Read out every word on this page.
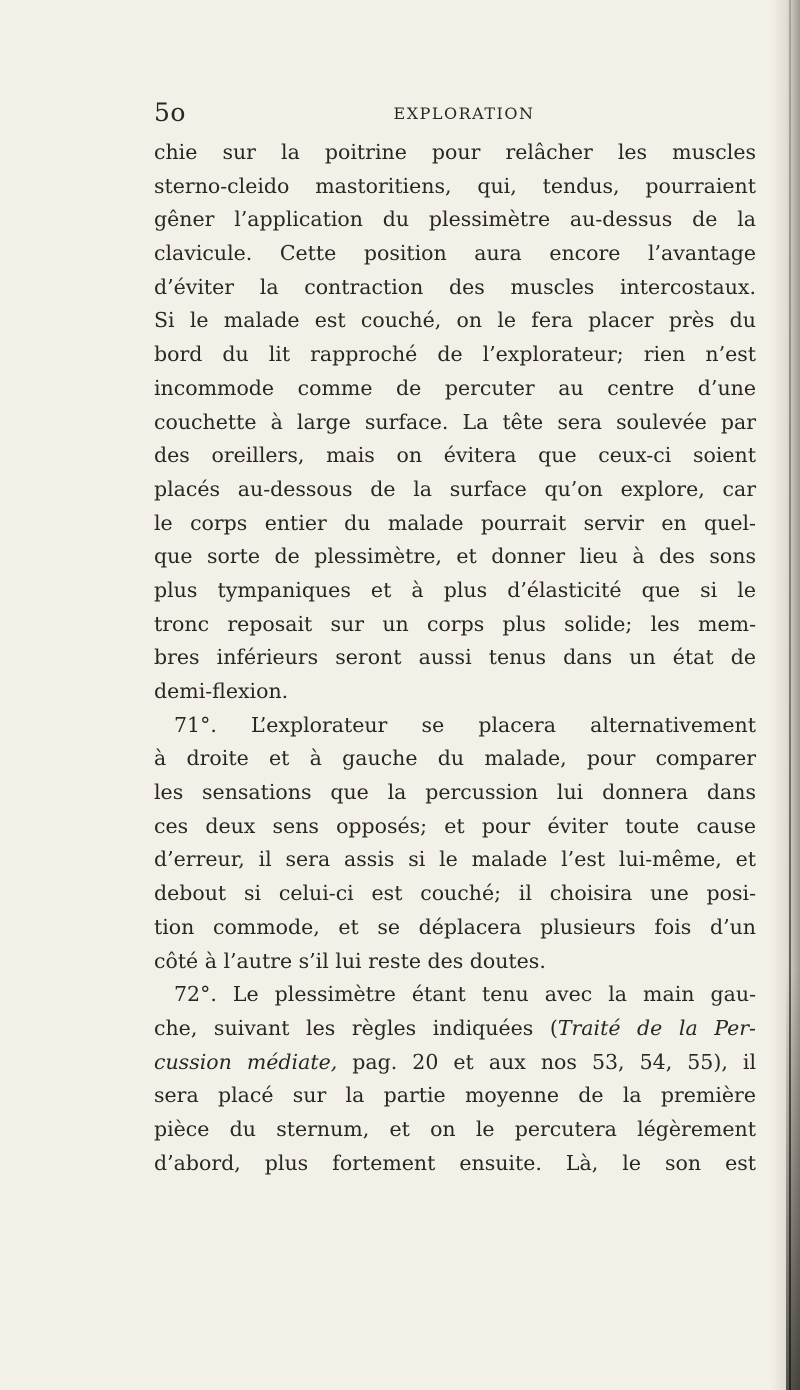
5o	EXPLORATION
chie sur la poitrine pour relâcher les muscles
sterno-cleido mastoritiens, qui, tendus, pourraient
gêner l’application du plessimètre au-dessus de la
clavicule. Cette position aura encore l’avantage
d’éviter la contraction des muscles intercostaux.
Si le malade est couché, on le fera placer près du
bord du lit rapproché de l’explorateur; rien n’est
incommode comme de percuter au centre d’une
couchette à large surface. La tête sera soulevée par
des oreillers, mais on évitera que ceux-ci soient
placés au-dessous de la surface qu’on explore, car
le corps entier du malade pourrait servir en quel-
que sorte de plessimètre, et donner lieu à des sons
plus tympaniques et à plus d’élasticité que si le
tronc reposait sur un corps plus solide; les mem-
bres inférieurs seront aussi tenus dans un état de
demi-flexion.
71°. L’explorateur se placera alternativement
à droite et à gauche du malade, pour comparer
les sensations que la percussion lui donnera dans
ces deux sens opposés; et pour éviter toute cause
d’erreur, il sera assis si le malade l’est lui-même, et
debout si celui-ci est couché; il choisira une posi-
tion commode, et se déplacera plusieurs fois d’un
côté à l’autre s’il lui reste des doutes.
72°. Le plessimètre étant tenu avec la main gau-
che, suivant les règles indiquées (Traité de la Per-
cussion médiate, pag. 20 et aux nos 53, 54, 55), il
sera placé sur la partie moyenne de la première
pièce du sternum, et on le percutera légèrement
d’abord, plus fortement ensuite. Là, le son est
